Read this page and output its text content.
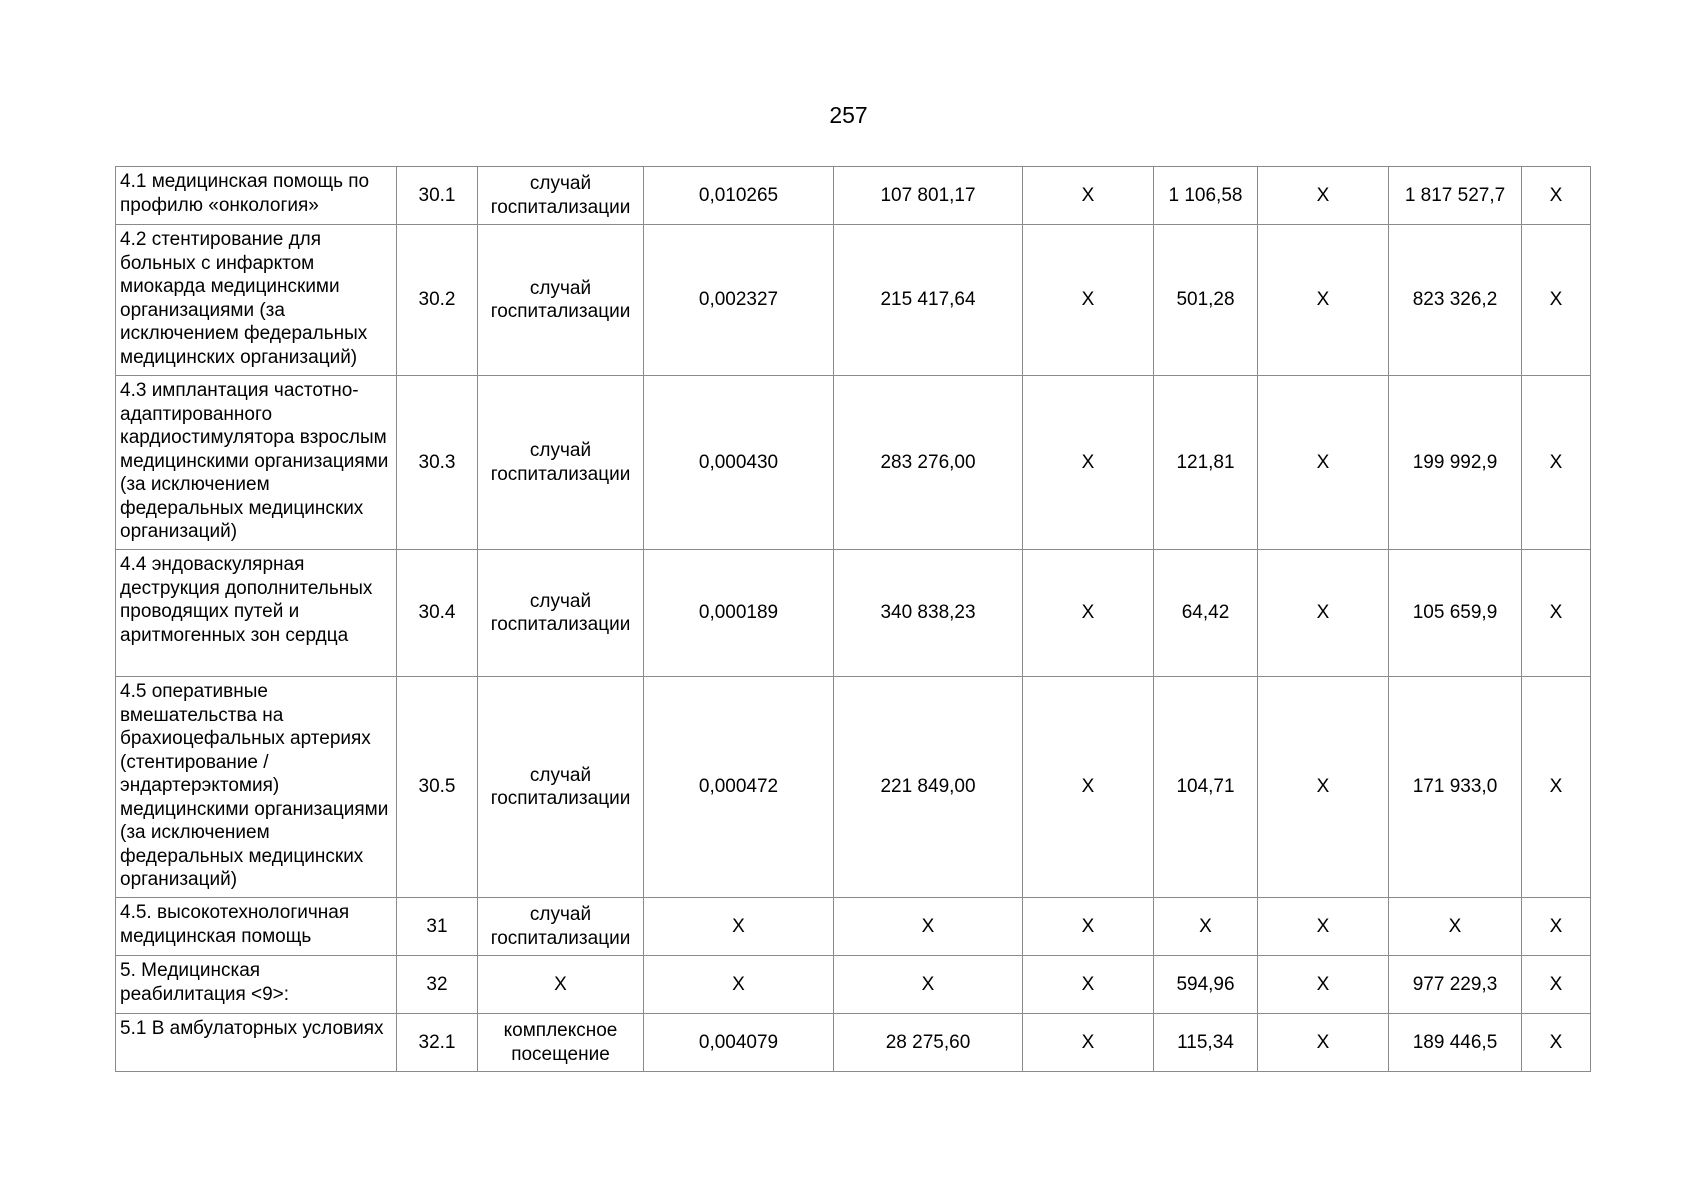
257
4.1 медицинская помощь по профилю «онкология»	30.1	случай госпитализации	0,010265	107 801,17	Х	1 106,58	Х	1 817 527,7	Х
4.2 стентирование для больных с инфарктом миокарда медицинскими организациями (за исключением федеральных медицинских организаций)	30.2	случай госпитализации	0,002327	215 417,64	Х	501,28	Х	823 326,2	Х
4.3 имплантация частотно-адаптированного кардиостимулятора взрослым медицинскими организациями (за исключением федеральных медицинских организаций)	30.3	случай госпитализации	0,000430	283 276,00	Х	121,81	Х	199 992,9	Х
4.4 эндоваскулярная деструкция дополнительных проводящих путей и аритмогенных зон сердца	30.4	случай госпитализации	0,000189	340 838,23	Х	64,42	Х	105 659,9	Х
4.5 оперативные вмешательства на брахиоцефальных артериях (стентирование / эндартерэктомия) медицинскими организациями (за исключением федеральных медицинских организаций)	30.5	случай госпитализации	0,000472	221 849,00	Х	104,71	Х	171 933,0	Х
4.5. высокотехнологичная медицинская помощь	31	случай госпитализации	Х	Х	Х	Х	Х	Х	Х
5. Медицинская реабилитация <9>:	32	Х	Х	Х	Х	594,96	Х	977 229,3	Х
5.1 В амбулаторных условиях	32.1	комплексное посещение	0,004079	28 275,60	Х	115,34	Х	189 446,5	Х
